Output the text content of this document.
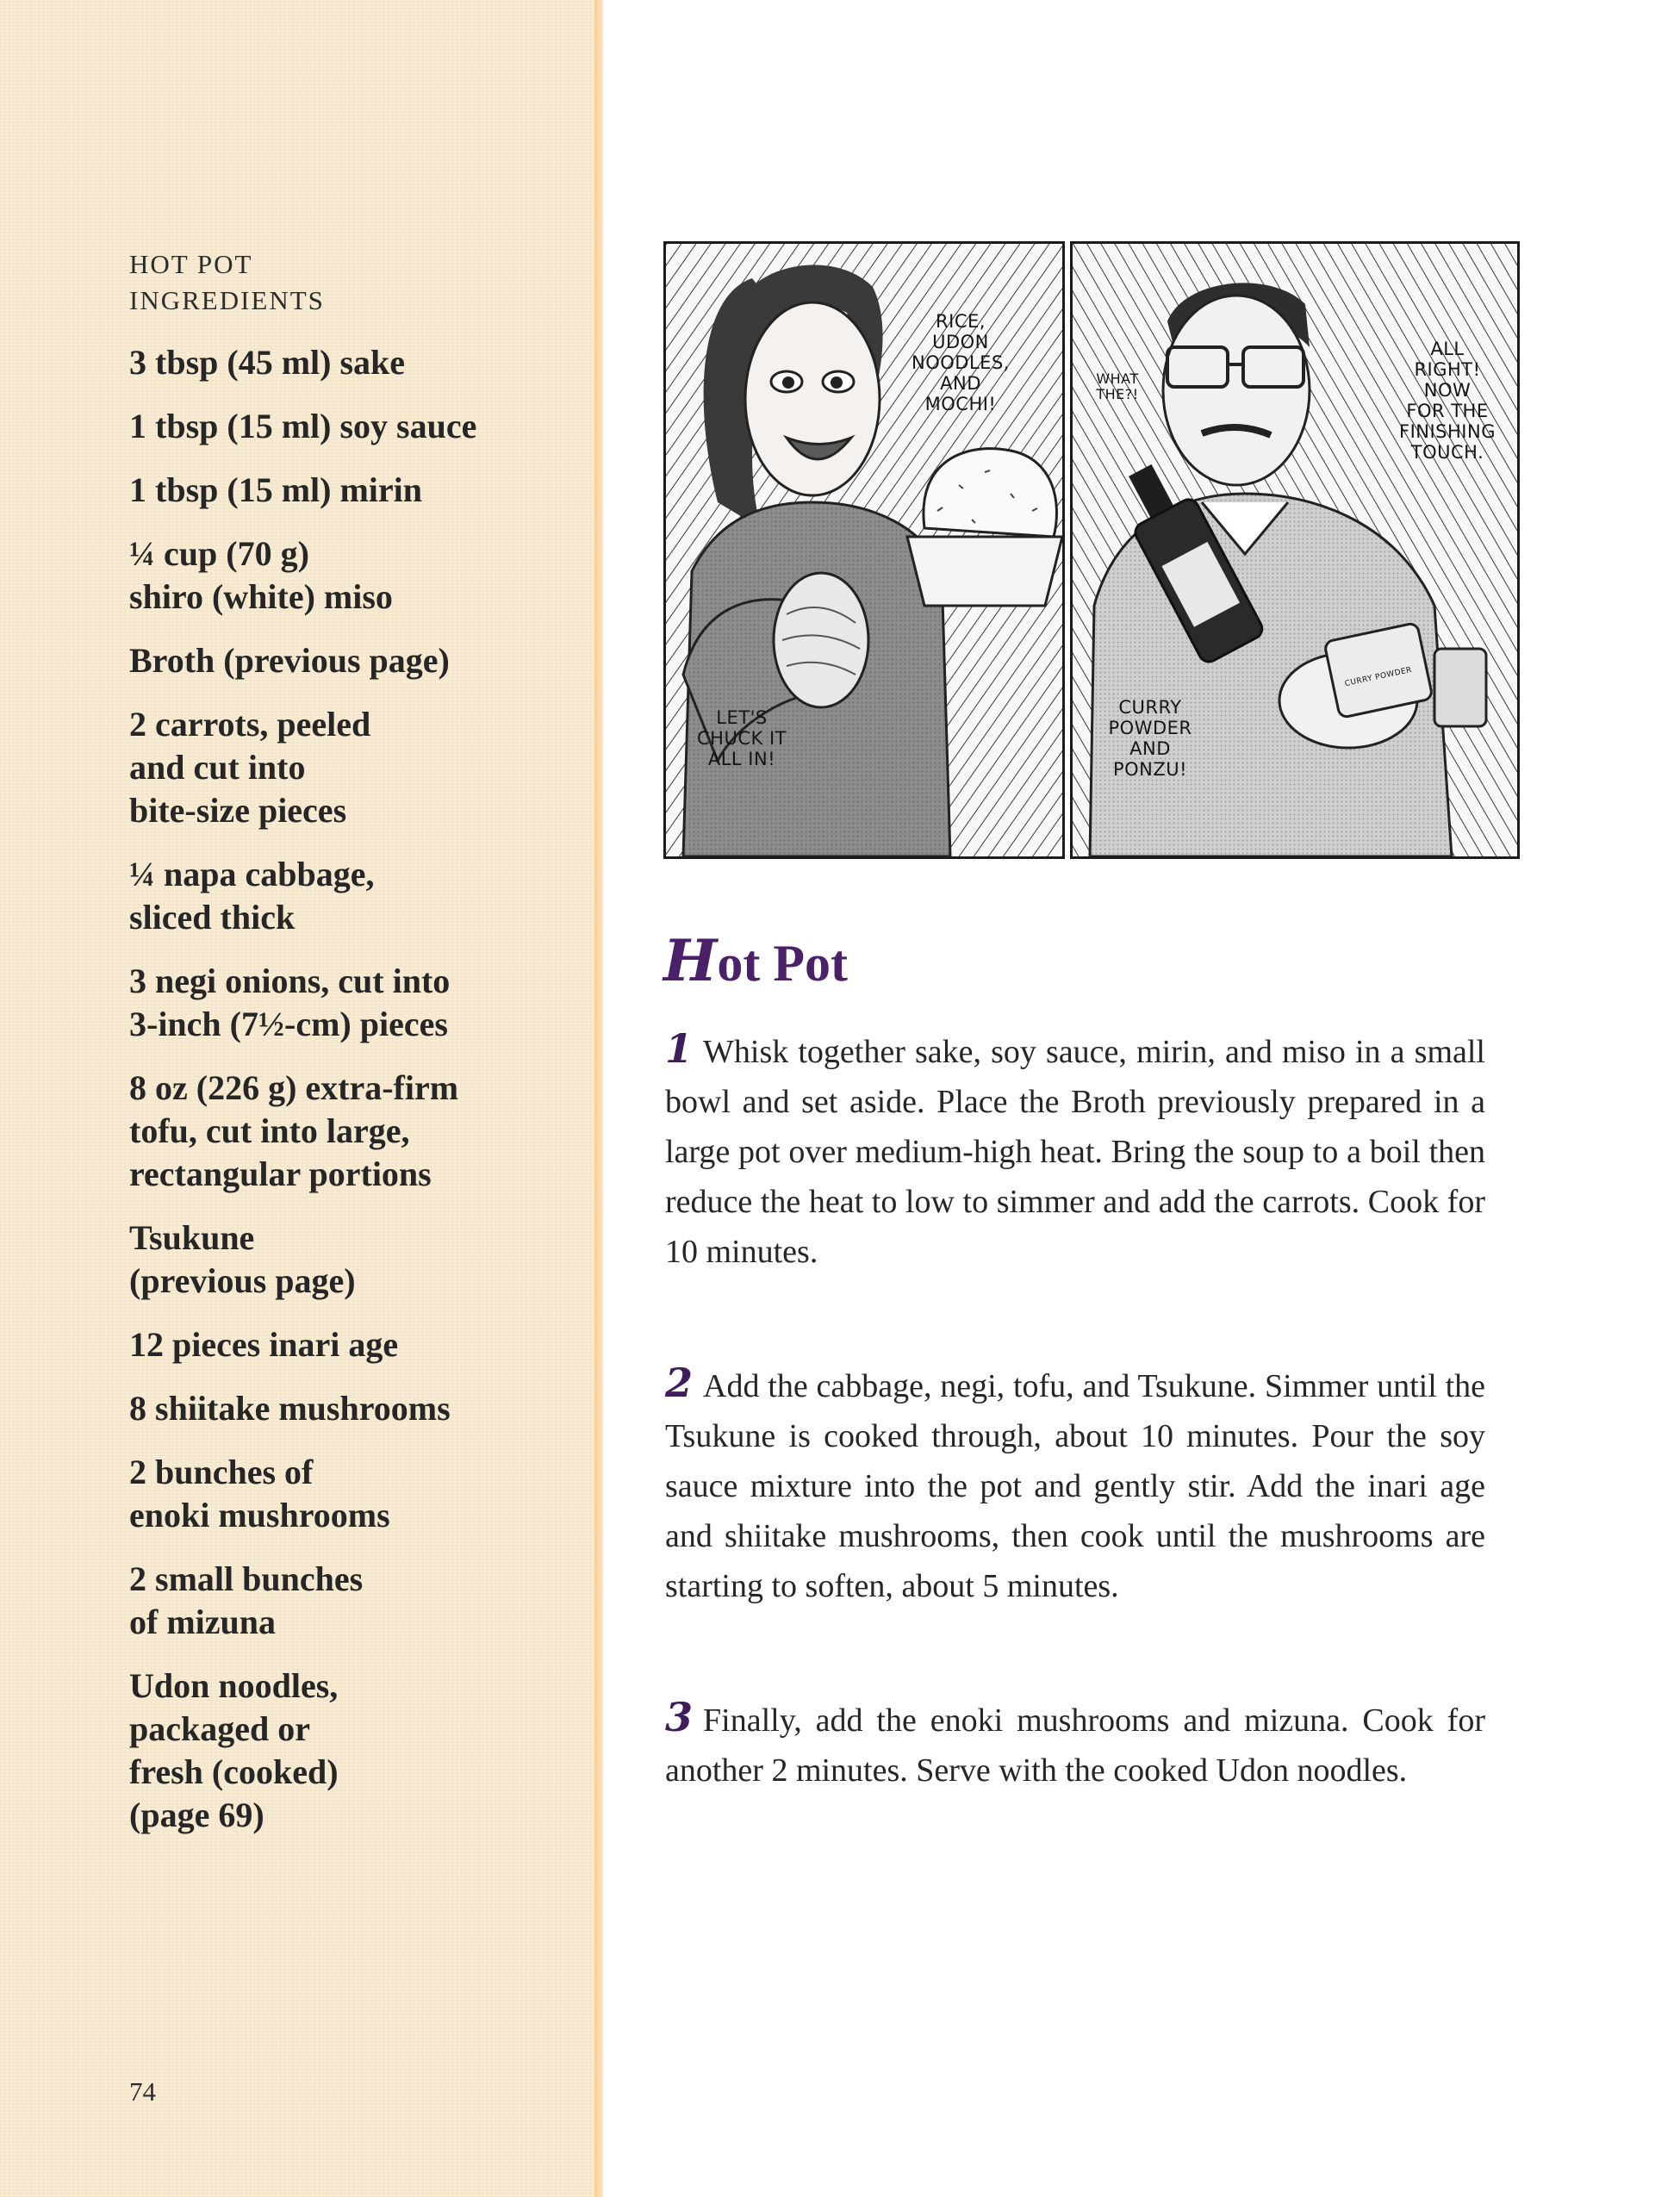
HOT POT
INGREDIENTS
3 tbsp (45 ml) sake
1 tbsp (15 ml) soy sauce
1 tbsp (15 ml) mirin
¼ cup (70 g)
shiro (white) miso
Broth (previous page)
2 carrots, peeled
and cut into
bite-size pieces
¼ napa cabbage,
sliced thick
3 negi onions, cut into
3-inch (7½-cm) pieces
8 oz (226 g) extra-firm
tofu, cut into large,
rectangular portions
Tsukune
(previous page)
12 pieces inari age
8 shiitake mushrooms
2 bunches of
enoki mushrooms
2 small bunches
of mizuna
Udon noodles,
packaged or
fresh (cooked)
(page 69)
74
RICE,
UDON
NOODLES,
AND
MOCHI!
LET'S
CHUCK IT
ALL IN!
WHAT
THE?!
ALL
RIGHT!
NOW
FOR THE
FINISHING
TOUCH.
CURRY
POWDER
AND
PONZU!
CURRY POWDER
Hot Pot

1 Whisk together sake, soy sauce, mirin, and miso in a small bowl and set aside. Place the Broth previously prepared in a large pot over medium-high heat. Bring the soup to a boil then reduce the heat to low to simmer and add the carrots. Cook for 10 minutes.

2 Add the cabbage, negi, tofu, and Tsukune. Simmer until the Tsukune is cooked through, about 10 minutes. Pour the soy sauce mixture into the pot and gently stir. Add the inari age and shiitake mushrooms, then cook until the mushrooms are starting to soften, about 5 minutes.

3 Finally, add the enoki mushrooms and mizuna. Cook for another 2 minutes. Serve with the cooked Udon noodles.
